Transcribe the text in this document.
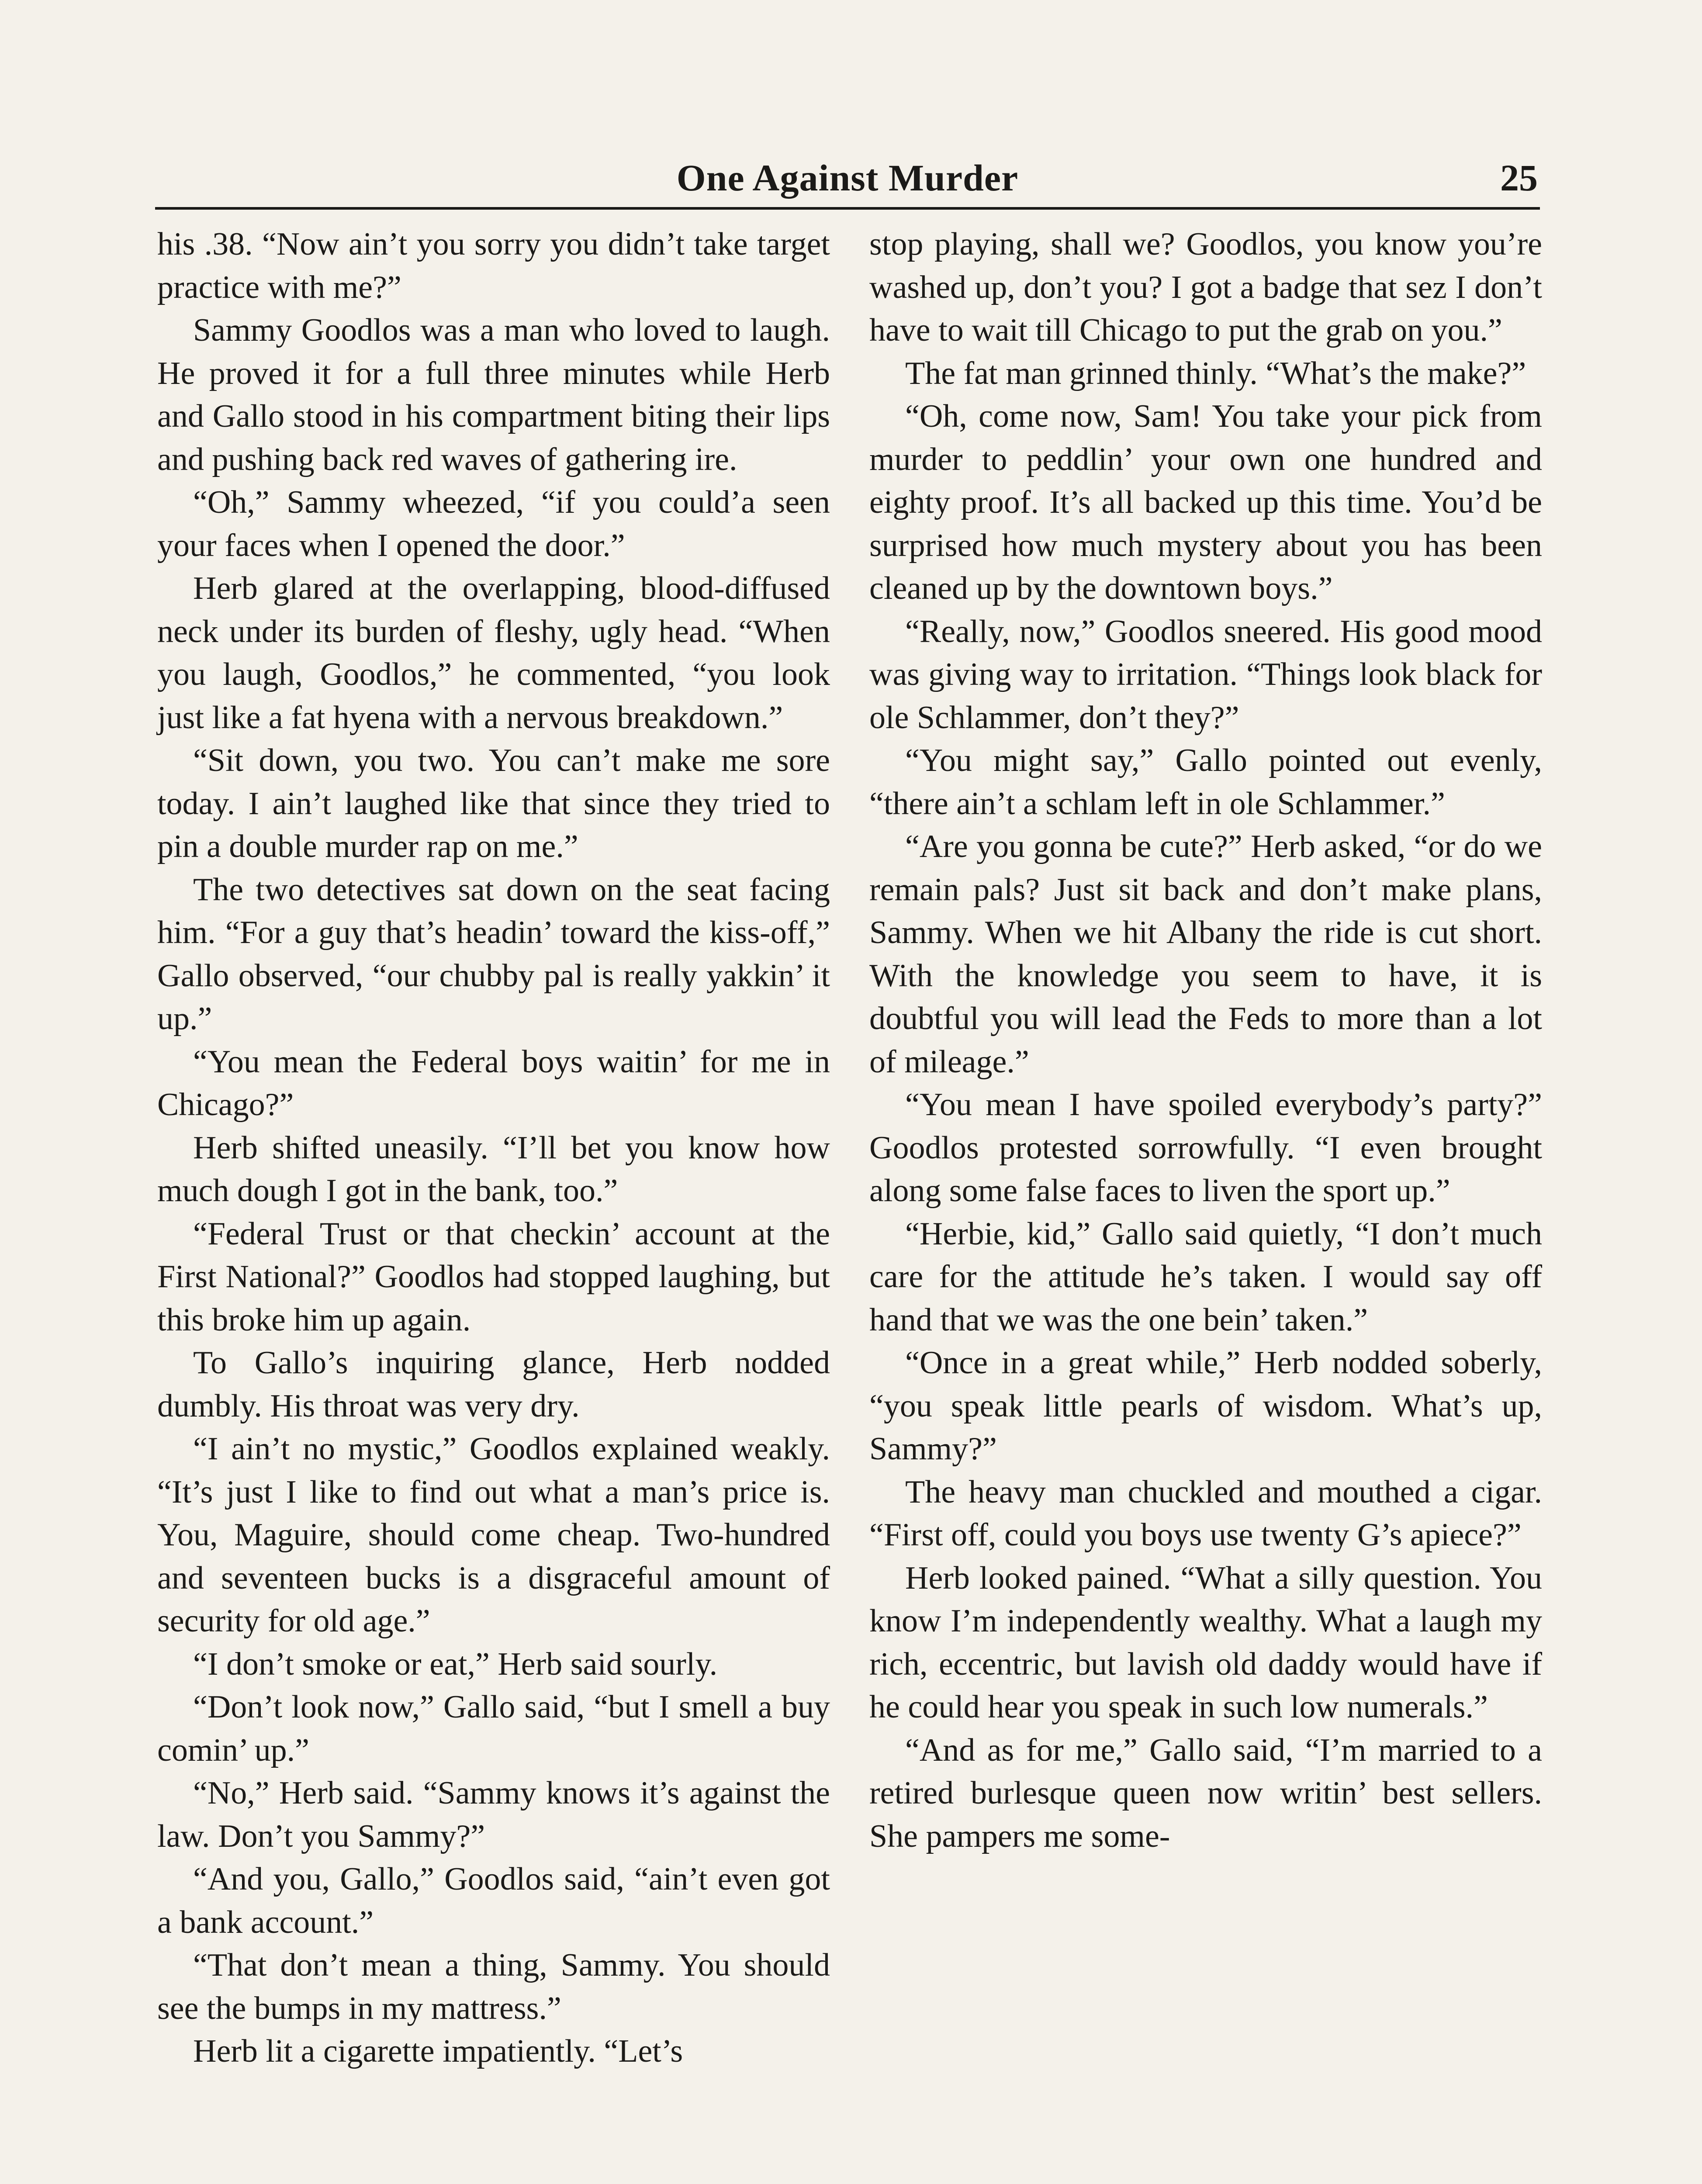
One Against Murder	25

his .38. “Now ain’t you sorry you didn’t take target practice with me?”

Sammy Goodlos was a man who loved to laugh. He proved it for a full three minutes while Herb and Gallo stood in his compartment biting their lips and pushing back red waves of gathering ire.

“Oh,” Sammy wheezed, “if you could’a seen your faces when I opened the door.”

Herb glared at the overlapping, blood-diffused neck under its burden of fleshy, ugly head. “When you laugh, Goodlos,” he commented, “you look just like a fat hyena with a nervous breakdown.”

“Sit down, you two. You can’t make me sore today. I ain’t laughed like that since they tried to pin a double murder rap on me.”

The two detectives sat down on the seat facing him. “For a guy that’s headin’ toward the kiss-off,” Gallo observed, “our chubby pal is really yakkin’ it up.”

“You mean the Federal boys waitin’ for me in Chicago?”

Herb shifted uneasily. “I’ll bet you know how much dough I got in the bank, too.”

“Federal Trust or that checkin’ account at the First National?” Goodlos had stopped laughing, but this broke him up again.

To Gallo’s inquiring glance, Herb nodded dumbly. His throat was very dry.

“I ain’t no mystic,” Goodlos explained weakly. “It’s just I like to find out what a man’s price is. You, Maguire, should come cheap. Two-hundred and seventeen bucks is a disgraceful amount of security for old age.”

“I don’t smoke or eat,” Herb said sourly.

“Don’t look now,” Gallo said, “but I smell a buy comin’ up.”

“No,” Herb said. “Sammy knows it’s against the law. Don’t you Sammy?”

“And you, Gallo,” Goodlos said, “ain’t even got a bank account.”

“That don’t mean a thing, Sammy. You should see the bumps in my mattress.”

Herb lit a cigarette impatiently. “Let’s

stop playing, shall we? Goodlos, you know you’re washed up, don’t you? I got a badge that sez I don’t have to wait till Chicago to put the grab on you.”

The fat man grinned thinly. “What’s the make?”

“Oh, come now, Sam! You take your pick from murder to peddlin’ your own one hundred and eighty proof. It’s all backed up this time. You’d be surprised how much mystery about you has been cleaned up by the downtown boys.”

“Really, now,” Goodlos sneered. His good mood was giving way to irritation. “Things look black for ole Schlammer, don’t they?”

“You might say,” Gallo pointed out evenly, “there ain’t a schlam left in ole Schlammer.”

“Are you gonna be cute?” Herb asked, “or do we remain pals? Just sit back and don’t make plans, Sammy. When we hit Albany the ride is cut short. With the knowledge you seem to have, it is doubtful you will lead the Feds to more than a lot of mileage.”

“You mean I have spoiled everybody’s party?” Goodlos protested sorrowfully. “I even brought along some false faces to liven the sport up.”

“Herbie, kid,” Gallo said quietly, “I don’t much care for the attitude he’s taken. I would say off hand that we was the one bein’ taken.”

“Once in a great while,” Herb nodded soberly, “you speak little pearls of wisdom. What’s up, Sammy?”

The heavy man chuckled and mouthed a cigar. “First off, could you boys use twenty G’s apiece?”

Herb looked pained. “What a silly question. You know I’m independently wealthy. What a laugh my rich, eccentric, but lavish old daddy would have if he could hear you speak in such low numerals.”

“And as for me,” Gallo said, “I’m married to a retired burlesque queen now writin’ best sellers. She pampers me some-
